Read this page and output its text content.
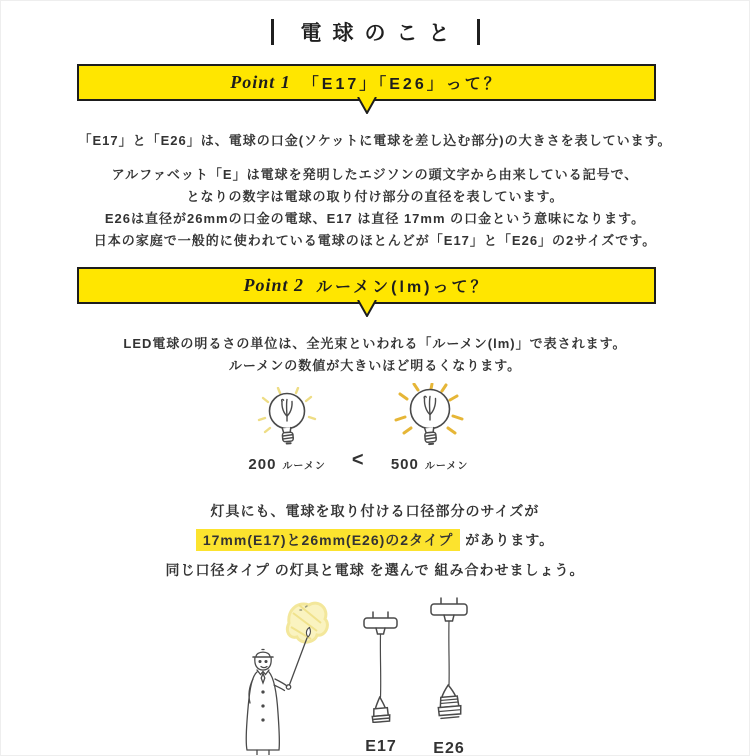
電球のこと
Point 1 「E17」「E26」って？
「E17」と「E26」は、電球の口金(ソケットに電球を差し込む部分)の大きさを表しています。
アルファベット「E」は電球を発明したエジソンの頭文字から由来している記号で、
となりの数字は電球の取り付け部分の直径を表しています。
E26は直径が26mmの口金の電球、E17 は直径 17mm の口金という意味になります。
日本の家庭で一般的に使われている電球のほとんどが「E17」と「E26」の2サイズです。
Point 2 ルーメン(lm)って？
LED電球の明るさの単位は、全光束といわれる「ルーメン(lm)」で表されます。
ルーメンの数値が大きいほど明るくなります。
200 ルーメン < 500 ルーメン
灯具にも、電球を取り付ける口径部分のサイズが
17mm(E17)と26mm(E26)の2タイプ があります。
同じ口径タイプ の灯具と電球 を選んで 組み合わせましょう。
E17 E26
